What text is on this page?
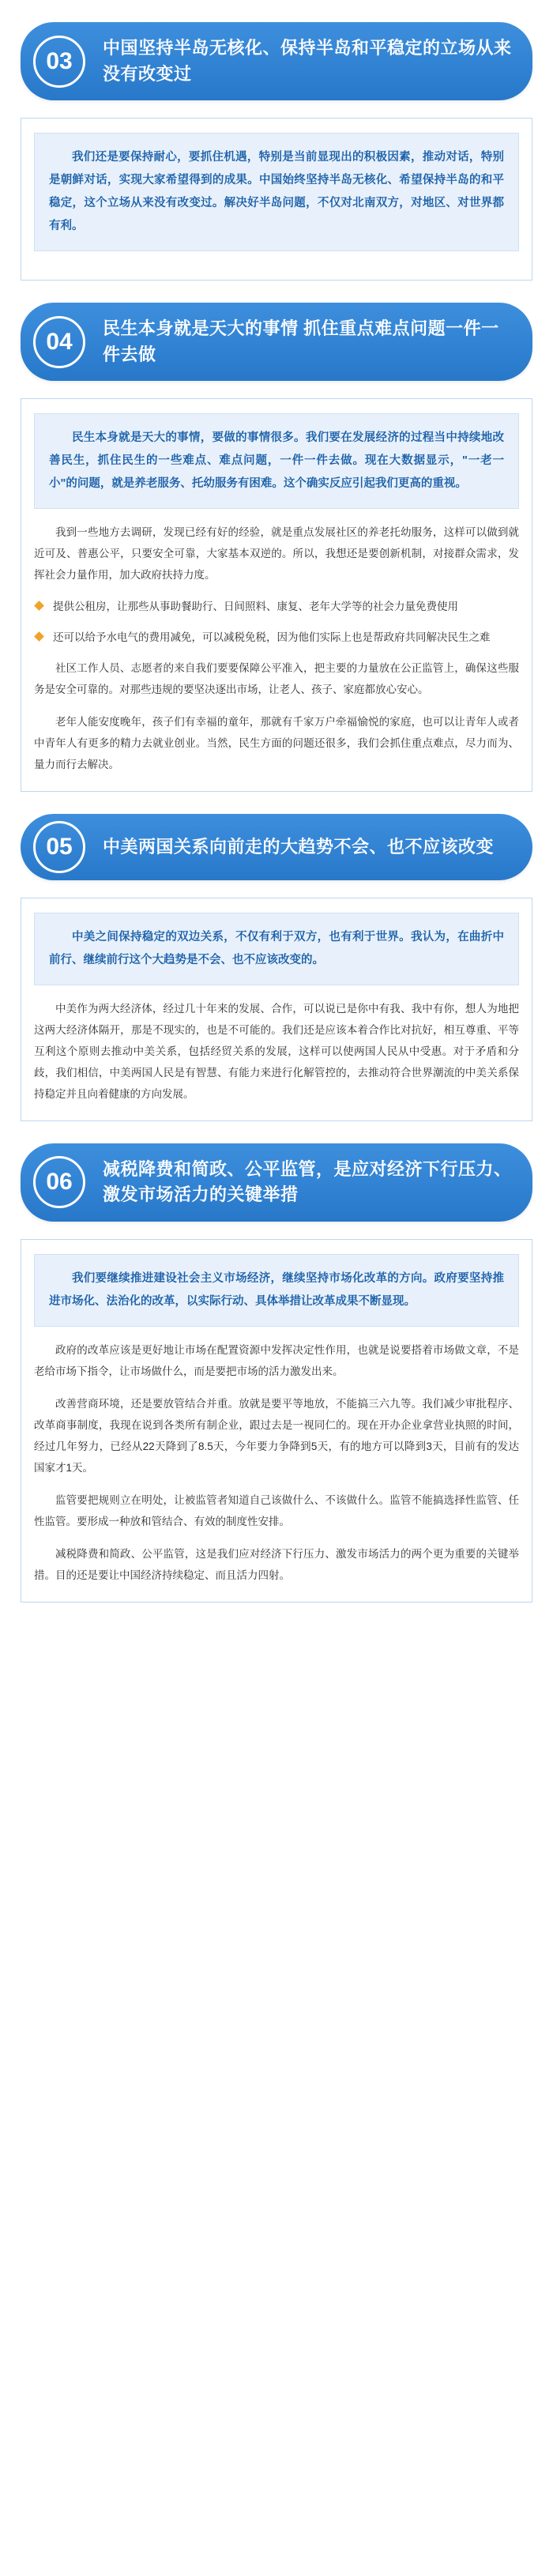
03
中国坚持半岛无核化、保持半岛和平稳定的立场从来没有改变过

我们还是要保持耐心，要抓住机遇，特别是当前显现出的积极因素，推动对话，特别是朝鲜对话，实现大家希望得到的成果。中国始终坚持半岛无核化、希望保持半岛的和平稳定，这个立场从来没有改变过。解决好半岛问题，不仅对北南双方，对地区、对世界都有利。

04
民生本身就是天大的事情 抓住重点难点问题一件一件去做

民生本身就是天大的事情，要做的事情很多。我们要在发展经济的过程当中持续地改善民生，抓住民生的一些难点、难点问题，一件一件去做。现在大数据显示，"一老一小"的问题，就是养老服务、托幼服务有困难。这个确实反应引起我们更高的重视。

我到一些地方去调研，发现已经有好的经验，就是重点发展社区的养老托幼服务，这样可以做到就近可及、普惠公平，只要安全可靠，大家基本双逆的。所以，我想还是要创新机制，对接群众需求，发挥社会力量作用，加大政府扶持力度。

提供公租房，让那些从事助餐助行、日间照料、康复、老年大学等的社会力量免费使用
还可以给予水电气的费用减免，可以减税免税，因为他们实际上也是帮政府共同解决民生之难

社区工作人员、志愿者的来自我们要要保障公平准入，把主要的力量放在公正监管上，确保这些服务是安全可靠的。对那些违规的要坚决逐出市场，让老人、孩子、家庭都放心安心。

老年人能安度晚年，孩子们有幸福的童年，那就有千家万户牵福愉悦的家庭，也可以让青年人或者中青年人有更多的精力去就业创业。当然，民生方面的问题还很多，我们会抓住重点难点，尽力而为、量力而行去解决。

05	中美两国关系向前走的大趋势不会、也不应该改变

中美之间保持稳定的双边关系，不仅有利于双方，也有利于世界。我认为，在曲折中前行、继续前行这个大趋势是不会、也不应该改变的。

中美作为两大经济体，经过几十年来的发展、合作，可以说已是你中有我、我中有你，想人为地把这两大经济体隔开，那是不现实的，也是不可能的。我们还是应该本着合作比对抗好，相互尊重、平等互利这个原则去推动中美关系，包括经贸关系的发展，这样可以使两国人民从中受惠。对于矛盾和分歧，我们相信，中美两国人民是有智慧、有能力来进行化解管控的，去推动符合世界潮流的中美关系保持稳定并且向着健康的方向发展。

06
减税降费和简政、公平监管，是应对经济下行压力、激发市场活力的关键举措

我们要继续推进建设社会主义市场经济，继续坚持市场化改革的方向。政府要坚持推进市场化、法治化的改革，以实际行动、具体举措让改革成果不断显现。

政府的改革应该是更好地让市场在配置资源中发挥决定性作用，也就是说要搭着市场做文章，不是老给市场下指令，让市场做什么，而是要把市场的活力激发出来。

改善营商环境，还是要放管结合并重。放就是要平等地放，不能搞三六九等。我们减少审批程序、改革商事制度，我现在说到各类所有制企业，跟过去是一视同仁的。现在开办企业拿营业执照的时间，经过几年努力，已经从22天降到了8.5天，今年要力争降到5天，有的地方可以降到3天，目前有的发达国家才1天。

监管要把规则立在明处，让被监管者知道自己该做什么、不该做什么。监管不能搞选择性监管、任性监管。要形成一种放和管结合、有效的制度性安排。

减税降费和简政、公平监管，这是我们应对经济下行压力、激发市场活力的两个更为重要的关键举措。目的还是要让中国经济持续稳定、而且活力四射。
